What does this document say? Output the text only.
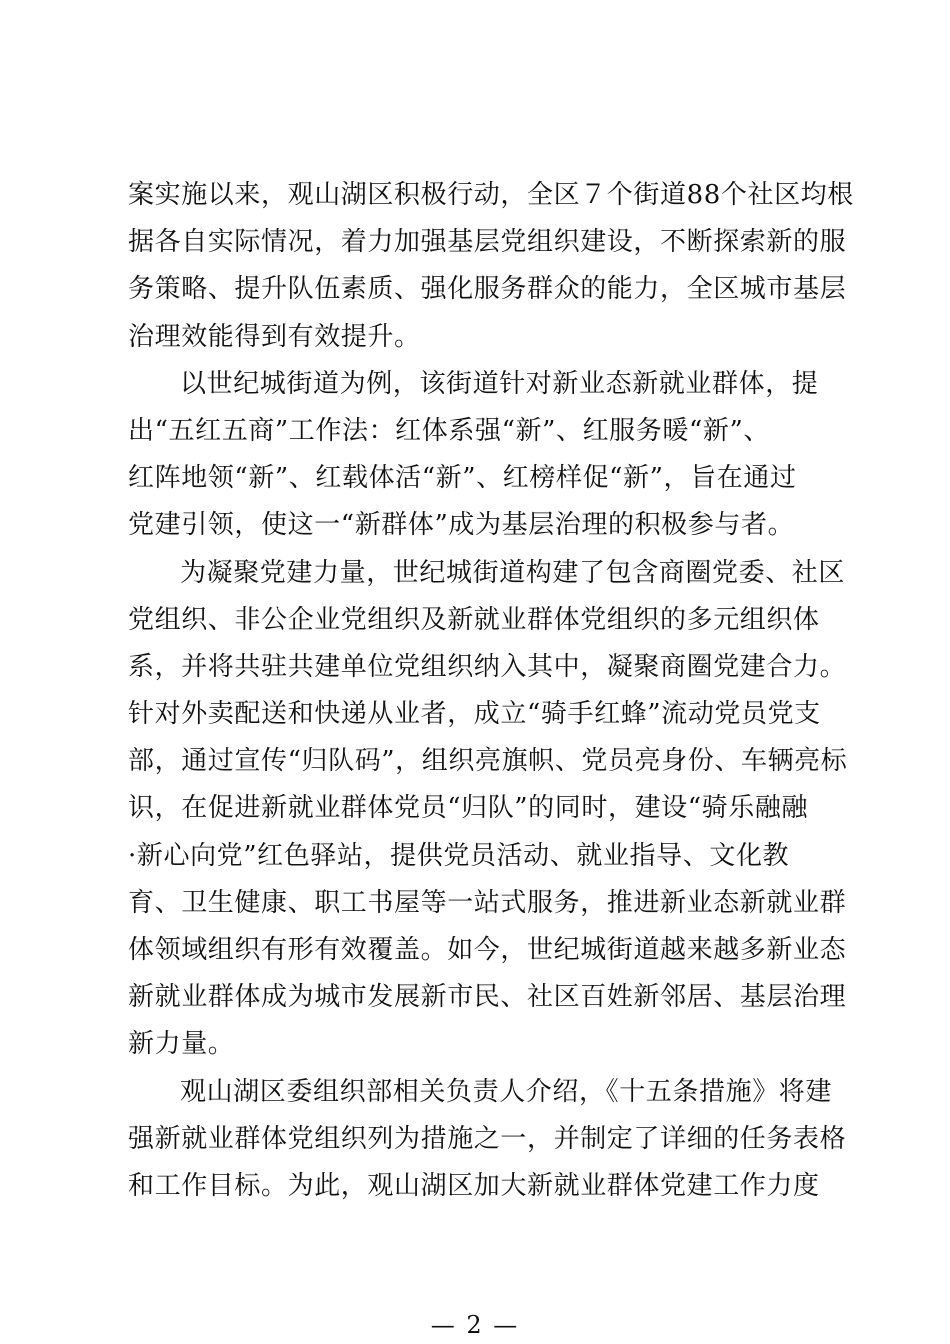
案实施以来，观山湖区积极行动，全区７个街道88个社区均根
据各自实际情况，着力加强基层党组织建设，不断探索新的服
务策略、提升队伍素质、强化服务群众的能力，全区城市基层
治理效能得到有效提升。
以世纪城街道为例，该街道针对新业态新就业群体，提
出“五红五商”工作法：红体系强“新”、红服务暖“新”、
红阵地领“新”、红载体活“新”、红榜样促“新”，旨在通过
党建引领，使这一“新群体”成为基层治理的积极参与者。
为凝聚党建力量，世纪城街道构建了包含商圈党委、社区
党组织、非公企业党组织及新就业群体党组织的多元组织体
系，并将共驻共建单位党组织纳入其中，凝聚商圈党建合力。
针对外卖配送和快递从业者，成立“骑手红蜂”流动党员党支
部，通过宣传“归队码”，组织亮旗帜、党员亮身份、车辆亮标
识，在促进新就业群体党员“归队”的同时，建设“骑乐融融
·新心向党”红色驿站，提供党员活动、就业指导、文化教
育、卫生健康、职工书屋等一站式服务，推进新业态新就业群
体领域组织有形有效覆盖。如今，世纪城街道越来越多新业态
新就业群体成为城市发展新市民、社区百姓新邻居、基层治理
新力量。
观山湖区委组织部相关负责人介绍，《十五条措施》将建
强新就业群体党组织列为措施之一，并制定了详细的任务表格
和工作目标。为此，观山湖区加大新就业群体党建工作力度
— 2 —
